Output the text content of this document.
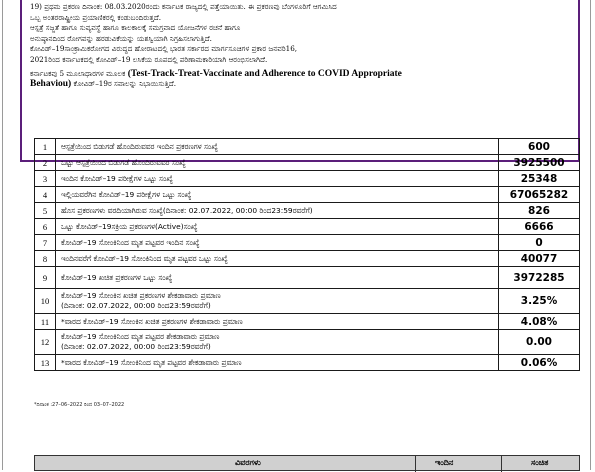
19) ಪ್ರಥಮ ಪ್ರಕರಣ ದಿನಾಂಕ: 08.03.2020ರಂದು ಕರ್ನಾಟಕ ರಾಜ್ಯದಲ್ಲಿ ಪತ್ತೆಯಾಯಿತು. ಈ ಪ್ರಕರಣವು ಬೆಂಗಳೂರಿಗೆ ಆಗಮಿಸಿದ

ಒಬ್ಬ ಅಂತರರಾಷ್ಟ್ರೀಯ ಪ್ರಯಾಣಿಕರಲ್ಲಿ ಕಂಡುಬಂದಿರುತ್ತದೆ.

ಆಸ್ಪತ್ರೆ ಸಜ್ಜತೆ ಹಾಗೂ ಸುವ್ಯವಸ್ಥೆ ಹಾಗೂ ಕಾಲಕಾಲಕ್ಕೆ ಸಮಗ್ರವಾದ ಯೋಜನೆಗಳ ರಚನೆ ಹಾಗೂ

ಅನುಷ್ಠಾನದಿಂದ ರೋಗವನ್ನು ಹರಡುವಿಕೆಯನ್ನು ಯಶಸ್ವಿಯಾಗಿ ನಿಗ್ರಹಿಸಲಾಗುತ್ತಿದೆ.

ಕೋವಿಡ್–19ಸಾಂಕ್ರಾಮಿಕರೋಗದ ವಿರುದ್ಧದ ಹೋರಾಟದಲ್ಲಿ ಭಾರತ ಸರ್ಕಾರದ ಮಾರ್ಗಸೂಚಿಗಳ ಪ್ರಕಾರ ಜನವರಿ16,

2021ರಿಂದ ಕರ್ನಾಟಕದಲ್ಲಿ ಕೋವಿಡ್–19 ಲಸಿಕೆಯ ರೂಪದಲ್ಲಿ ಪರಿಣಾಮಕಾರಿಯಾಗಿ ಆರಂಭಿಸಲಾಗಿದೆ.

ಕರ್ನಾಟಕವು 5 ಮೂಲಾಧಾರಗಳ ಮೂಲಕ (Test-Track-Treat-Vaccinate and Adherence to COVID Appropriate

Behaviou) ಕೋವಿಡ್–19ರ ಸವಾಲನ್ನು ನಿಭಾಯಿಸುತ್ತಿದೆ.

1	ಆಸ್ಪತ್ರೆಯಿಂದ ಬಿಡುಗಡೆ ಹೊಂದಿರುವವರ ಇಂದಿನ ಪ್ರಕರಣಗಳ ಸಂಖ್ಯೆ	600
2	ಒಟ್ಟು ಆಸ್ಪತ್ರೆಯಿಂದ ಬಿಡುಗಡೆ ಹೊಂದಿರುವವರ ಸಂಖ್ಯೆ	3925500
3	ಇಂದಿನ ಕೋವಿಡ್–19 ಪರೀಕ್ಷೆಗಳ ಒಟ್ಟು ಸಂಖ್ಯೆ	25348
4	ಇಲ್ಲಿಯವರೆಗಿನ ಕೋವಿಡ್–19 ಪರೀಕ್ಷೆಗಳ ಒಟ್ಟು ಸಂಖ್ಯೆ	67065282
5	ಹೊಸ ಪ್ರಕರಣಗಳು ವರದಿಯಾಗಿರುವ ಸಂಖ್ಯೆ(ದಿನಾಂಕ: 02.07.2022, 00:00 ರಿಂದ23:59ರವರೆಗೆ)	826
6	ಒಟ್ಟು ಕೋವಿಡ್–19ಸಕ್ರಿಯ ಪ್ರಕರಣಗಳ(Active)ಸಂಖ್ಯೆ	6666
7	ಕೋವಿಡ್–19 ಸೋಂಕಿನಿಂದ ಮೃತ ಪಟ್ಟವರ ಇಂದಿನ ಸಂಖ್ಯೆ	0
8	ಇಂದಿನವರೆಗೆ ಕೋವಿಡ್–19 ಸೋಂಕಿನಿಂದ ಮೃತ ಪಟ್ಟವರ ಒಟ್ಟು ಸಂಖ್ಯೆ	40077
9	ಕೋವಿಡ್–19 ಖಚಿತ ಪ್ರಕರಣಗಳ ಒಟ್ಟು ಸಂಖ್ಯೆ	3972285
10	ಕೋವಿಡ್–19 ಸೋಂಕಿನ ಖಚಿತ ಪ್ರಕರಣಗಳ ಶೇಕಡಾವಾರು ಪ್ರಮಾಣ
(ದಿನಾಂಕ: 02.07.2022, 00:00 ರಿಂದ23:59ರವರೆಗೆ)	3.25%
11	*ವಾರದ ಕೋವಿಡ್–19 ಸೋಂಕಿನ ಖಚಿತ ಪ್ರಕರಣಗಳ ಶೇಕಡಾವಾರು ಪ್ರಮಾಣ	4.08%
12	ಕೋವಿಡ್–19 ಸೋಂಕಿನಿಂದ ಮೃತ ಪಟ್ಟವರ ಶೇಕಡಾವಾರು ಪ್ರಮಾಣ
(ದಿನಾಂಕ: 02.07.2022, 00:00 ರಿಂದ23:59ರವರೆಗೆ)	0.00
13	*ವಾರದ ಕೋವಿಡ್–19 ಸೋಂಕಿನಿಂದ ಮೃತ ಪಟ್ಟವರ ಶೇಕಡಾವಾರು ಪ್ರಮಾಣ	0.06%
*ದಿನಾಂಕ :27–06–2022 ರಿಂದ 03–07–2022
ವಿವರಗಳು	ಇಂದಿನ	ಸಂಚಿತ
